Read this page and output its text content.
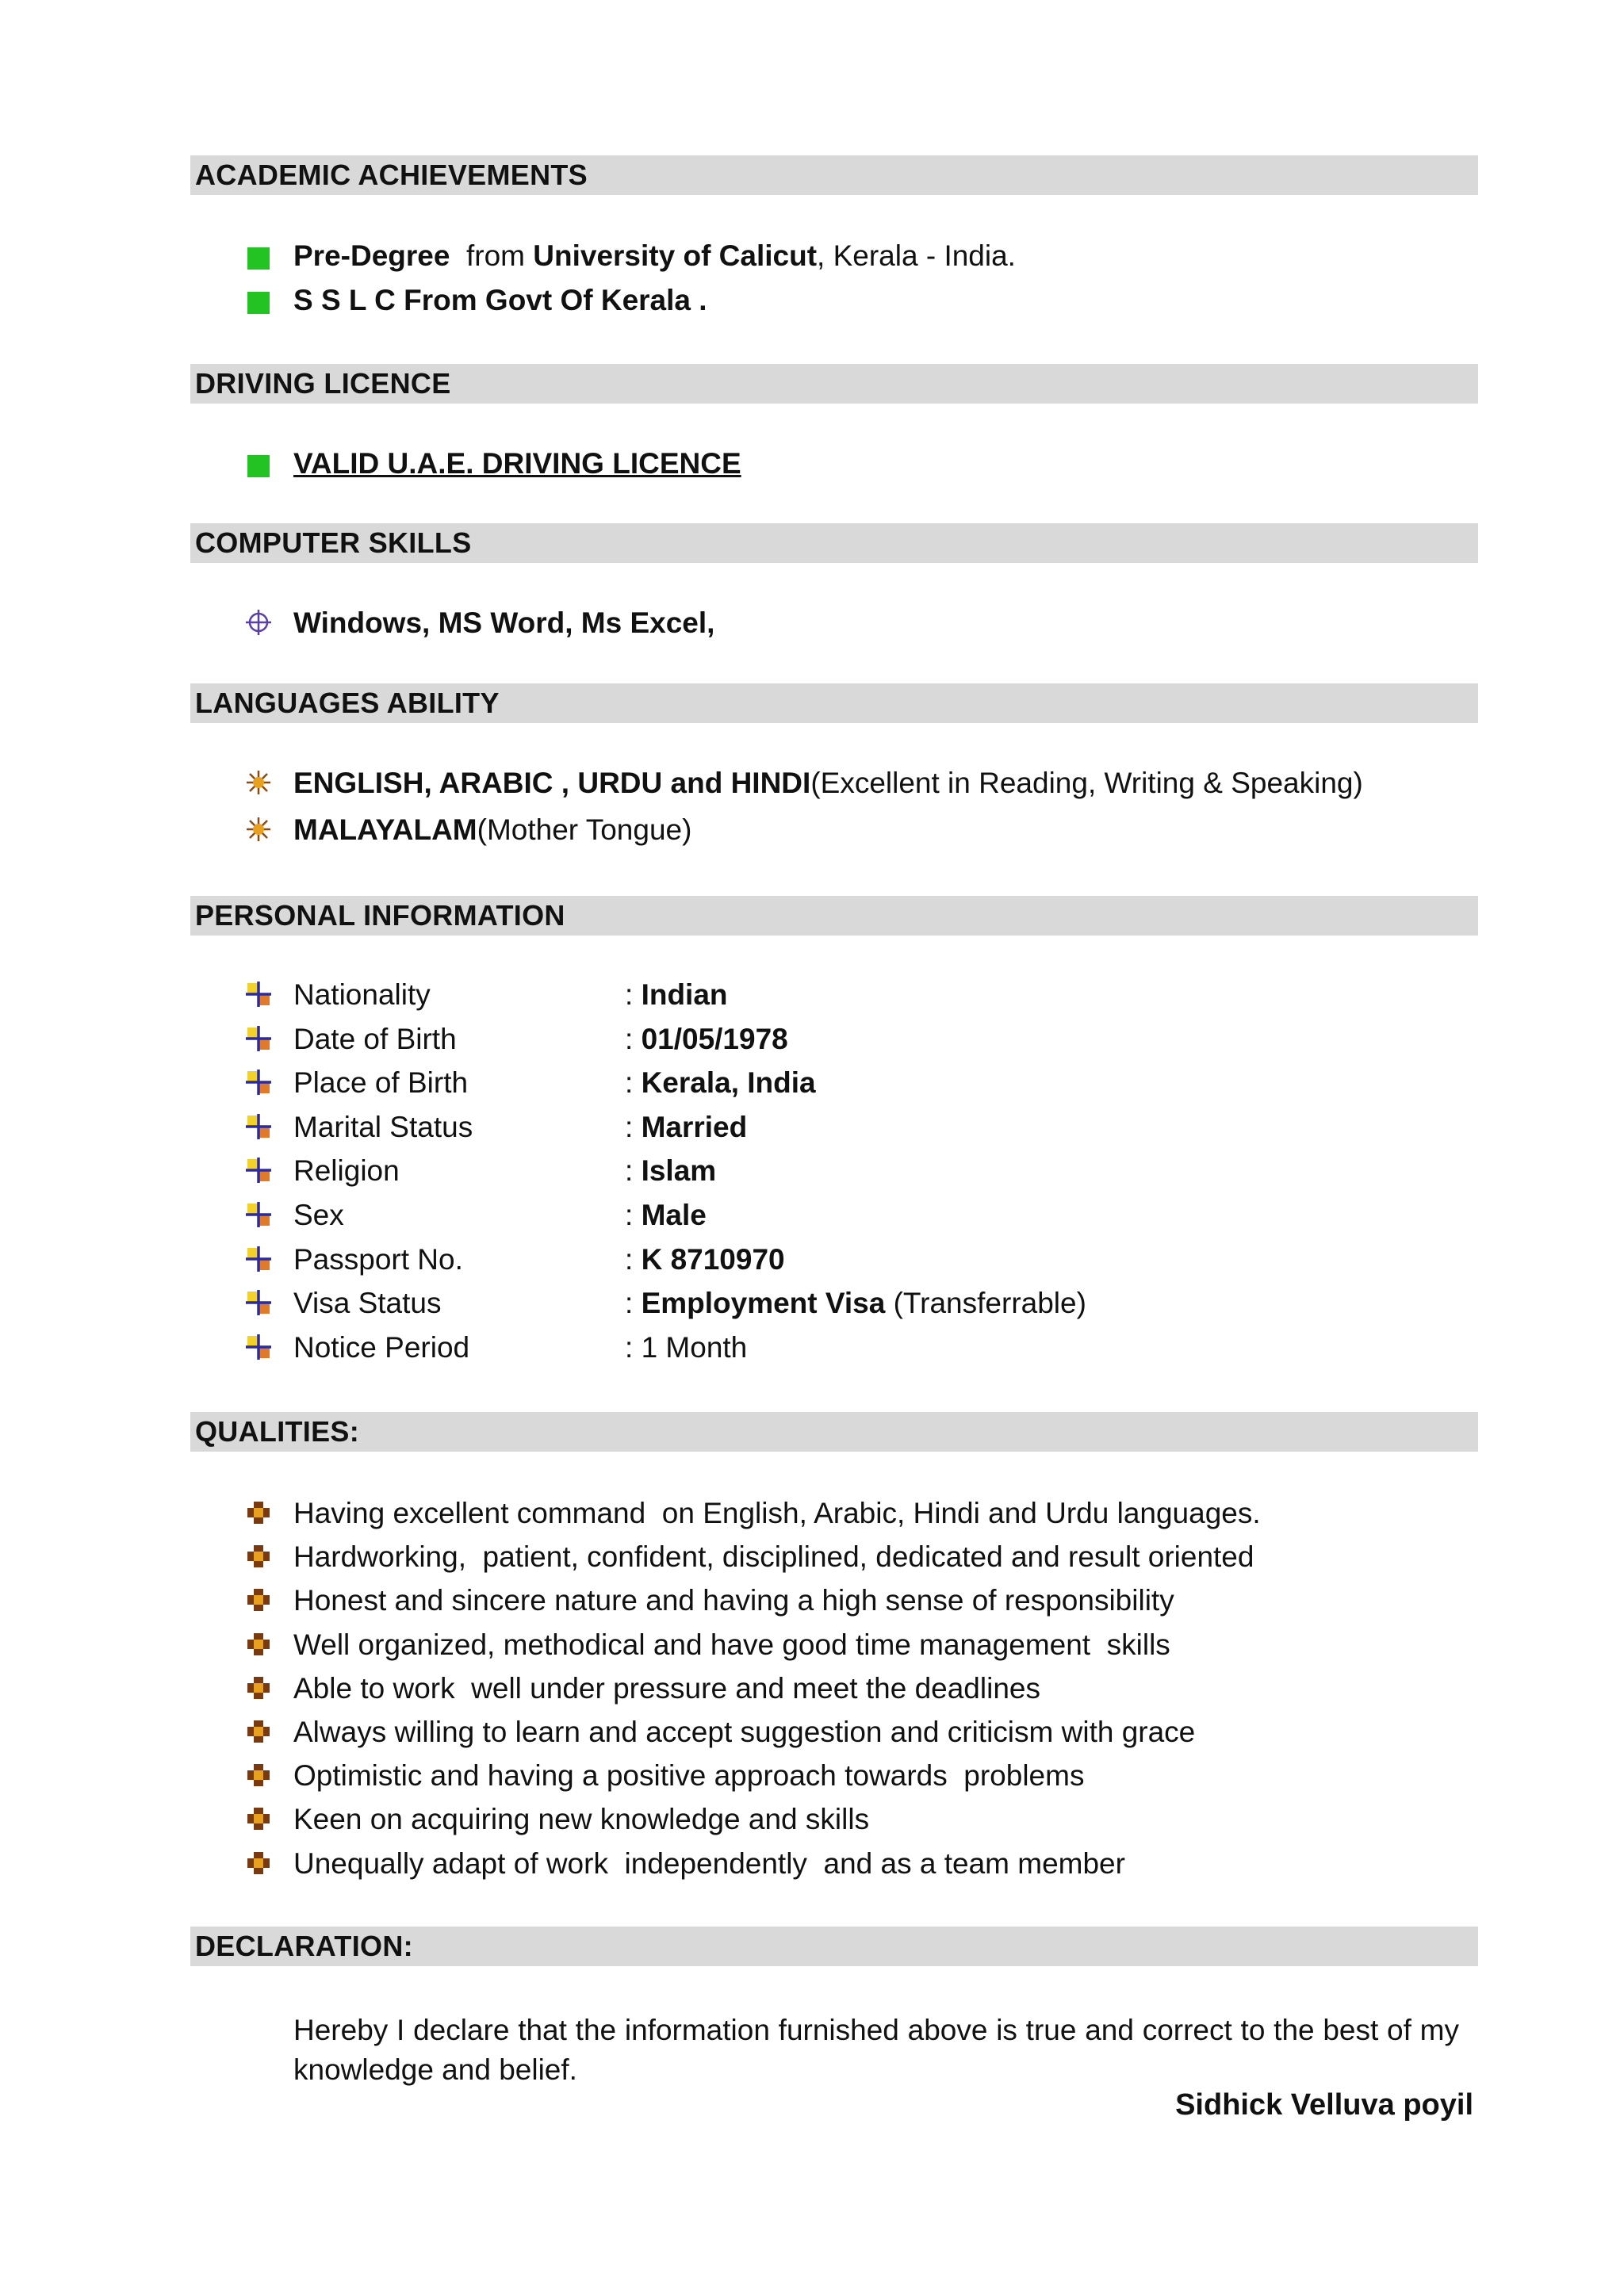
ACADEMIC ACHIEVEMENTS
Pre-Degree  from University of Calicut, Kerala - India.
S S L C From Govt Of Kerala .
DRIVING LICENCE
VALID U.A.E. DRIVING LICENCE
COMPUTER SKILLS
Windows, MS Word, Ms Excel,
LANGUAGES ABILITY
ENGLISH, ARABIC , URDU and HINDI(Excellent in Reading, Writing & Speaking)
MALAYALAM(Mother Tongue)
PERSONAL INFORMATION
Nationality	: Indian
Date of Birth	: 01/05/1978
Place of Birth	: Kerala, India
Marital Status	: Married
Religion	: Islam
Sex	: Male
Passport No.	: K 8710970
Visa Status	: Employment Visa (Transferrable)
Notice Period	: 1 Month
QUALITIES:
Having excellent command  on English, Arabic, Hindi and Urdu languages.
Hardworking,  patient, confident, disciplined, dedicated and result oriented
Honest and sincere nature and having a high sense of responsibility
Well organized, methodical and have good time management  skills
Able to work  well under pressure and meet the deadlines
Always willing to learn and accept suggestion and criticism with grace
Optimistic and having a positive approach towards  problems
Keen on acquiring new knowledge and skills
Unequally adapt of work  independently  and as a team member
DECLARATION:
Hereby I declare that the information furnished above is true and correct to the best of my knowledge and belief.
Sidhick Velluva poyil
